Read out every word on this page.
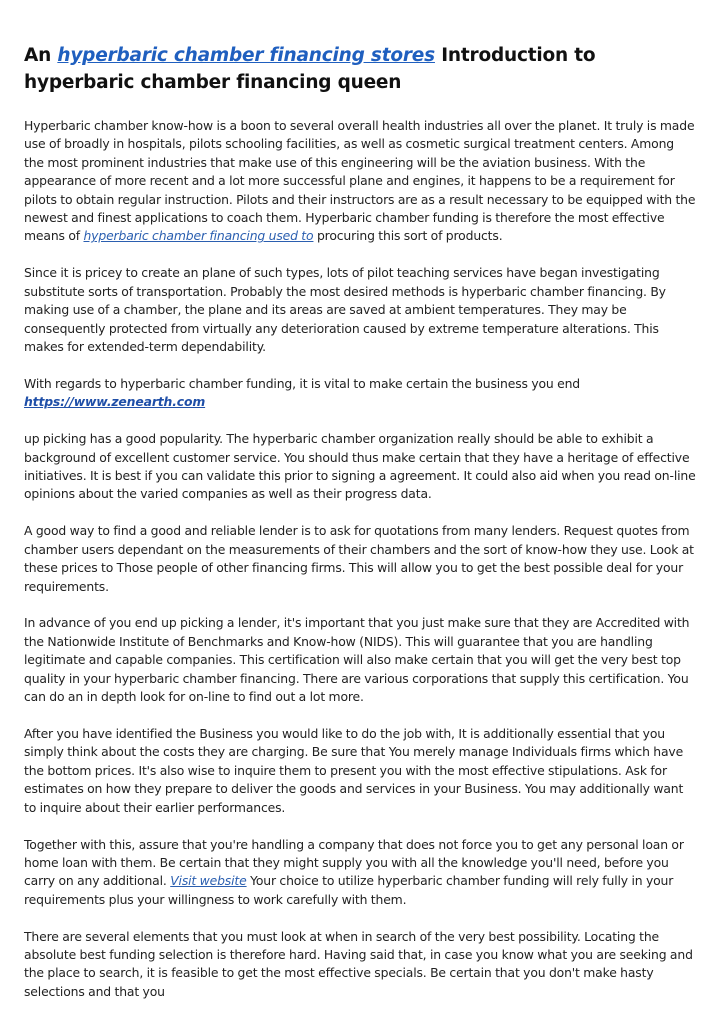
An hyperbaric chamber financing stores Introduction to hyperbaric chamber financing queen

Hyperbaric chamber know-how is a boon to several overall health industries all over the planet. It truly is made use of broadly in hospitals, pilots schooling facilities, as well as cosmetic surgical treatment centers. Among the most prominent industries that make use of this engineering will be the aviation business. With the appearance of more recent and a lot more successful plane and engines, it happens to be a requirement for pilots to obtain regular instruction. Pilots and their instructors are as a result necessary to be equipped with the newest and finest applications to coach them. Hyperbaric chamber funding is therefore the most effective means of hyperbaric chamber financing used to procuring this sort of products.

Since it is pricey to create an plane of such types, lots of pilot teaching services have began investigating substitute sorts of transportation. Probably the most desired methods is hyperbaric chamber financing. By making use of a chamber, the plane and its areas are saved at ambient temperatures. They may be consequently protected from virtually any deterioration caused by extreme temperature alterations. This makes for extended-term dependability.

With regards to hyperbaric chamber funding, it is vital to make certain the business you end
https://www.zenearth.com

up picking has a good popularity. The hyperbaric chamber organization really should be able to exhibit a background of excellent customer service. You should thus make certain that they have a heritage of effective initiatives. It is best if you can validate this prior to signing a agreement. It could also aid when you read on-line opinions about the varied companies as well as their progress data.

A good way to find a good and reliable lender is to ask for quotations from many lenders. Request quotes from chamber users dependant on the measurements of their chambers and the sort of know-how they use. Look at these prices to Those people of other financing firms. This will allow you to get the best possible deal for your requirements.

In advance of you end up picking a lender, it's important that you just make sure that they are Accredited with the Nationwide Institute of Benchmarks and Know-how (NIDS). This will guarantee that you are handling legitimate and capable companies. This certification will also make certain that you will get the very best top quality in your hyperbaric chamber financing. There are various corporations that supply this certification. You can do an in depth look for on-line to find out a lot more.

After you have identified the Business you would like to do the job with, It is additionally essential that you simply think about the costs they are charging. Be sure that You merely manage Individuals firms which have the bottom prices. It's also wise to inquire them to present you with the most effective stipulations. Ask for estimates on how they prepare to deliver the goods and services in your Business. You may additionally want to inquire about their earlier performances.

Together with this, assure that you're handling a company that does not force you to get any personal loan or home loan with them. Be certain that they might supply you with all the knowledge you'll need, before you carry on any additional. Visit website Your choice to utilize hyperbaric chamber funding will rely fully in your requirements plus your willingness to work carefully with them.

There are several elements that you must look at when in search of the very best possibility. Locating the absolute best funding selection is therefore hard. Having said that, in case you know what you are seeking and the place to search, it is feasible to get the most effective specials. Be certain that you don't make hasty selections and that you
